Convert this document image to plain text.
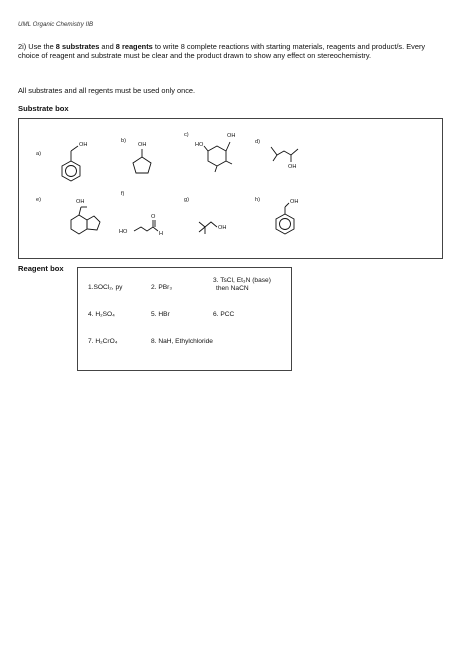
UML Organic Chemistry IIB
2i) Use the 8 substrates and 8 reagents to write 8 complete reactions with starting materials, reagents and product/s. Every choice of reagent and substrate must be clear and the product drawn to show any effect on stereochemistry.
All substrates and all regents must be used only once.
Substrate box
a)
OH
b)
OH
c)	OH
HO	d)
OH
e)	OH
f)
HO
O
H
g)
OH
h)	OH
Reagent box
1.SOCl₂, py	2. PBr₃
3. TsCl, Et₃N (base)
then NaCN
4. H₂SO₄	5. HBr	6. PCC
7. H₂CrO₄	8. NaH, Ethylchloride
